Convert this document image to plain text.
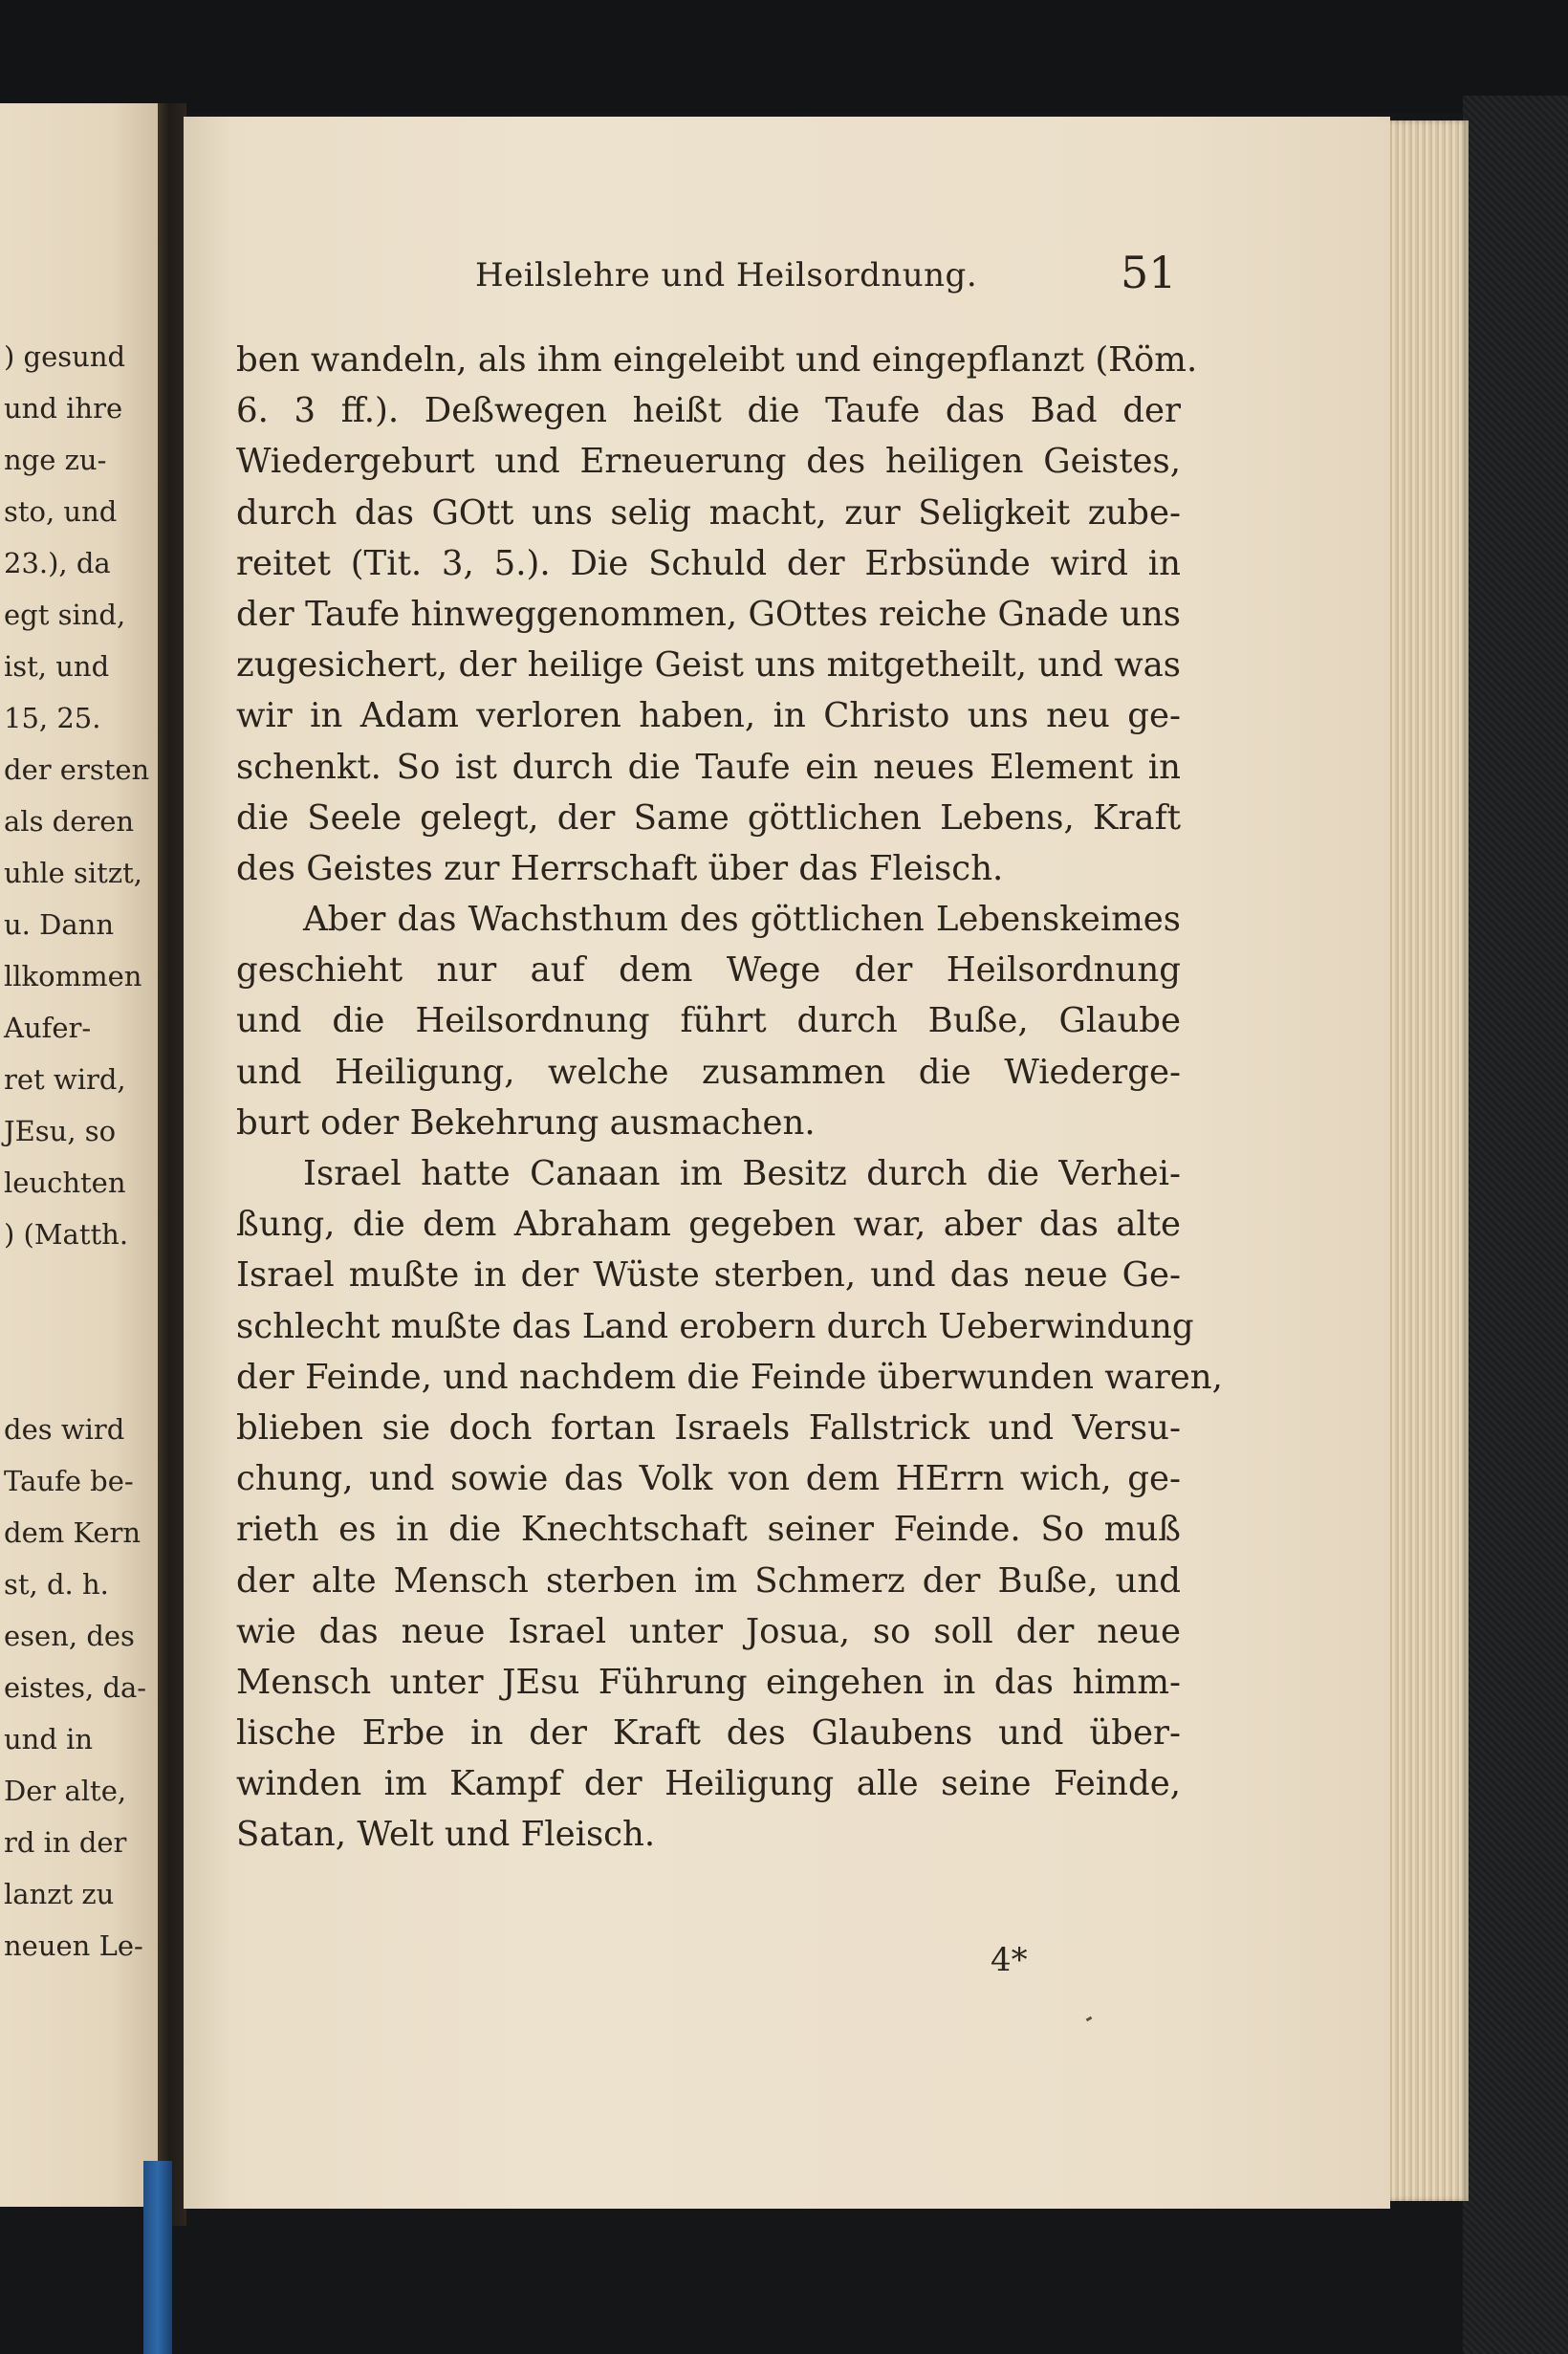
) gesund
und ihre
nge zu-
sto, und
23.), da
egt sind,
ist, und
15, 25.
der ersten
als deren
uhle sitzt,
u. Dann
llkommen
Aufer-
ret wird,
JEsu, so
leuchten
) (Matth.
des wird
Taufe be-
dem Kern
st, d. h.
esen, des
eistes, da-
und in
Der alte,
rd in der
lanzt zu
neuen Le-
Heilslehre und Heilsordnung.	51
ben wandeln, als ihm eingeleibt und eingepflanzt (Röm.
6. 3 ff.). Deßwegen heißt die Taufe das Bad der
Wiedergeburt und Erneuerung des heiligen Geistes,
durch das GOtt uns selig macht, zur Seligkeit zube-
reitet (Tit. 3, 5.). Die Schuld der Erbsünde wird in
der Taufe hinweggenommen, GOttes reiche Gnade uns
zugesichert, der heilige Geist uns mitgetheilt, und was
wir in Adam verloren haben, in Christo uns neu ge-
schenkt. So ist durch die Taufe ein neues Element in
die Seele gelegt, der Same göttlichen Lebens, Kraft
des Geistes zur Herrschaft über das Fleisch.
Aber das Wachsthum des göttlichen Lebenskeimes
geschieht nur auf dem Wege der Heilsordnung
und die Heilsordnung führt durch Buße, Glaube
und Heiligung, welche zusammen die Wiederge-
burt oder Bekehrung ausmachen.
Israel hatte Canaan im Besitz durch die Verhei-
ßung, die dem Abraham gegeben war, aber das alte
Israel mußte in der Wüste sterben, und das neue Ge-
schlecht mußte das Land erobern durch Ueberwindung
der Feinde, und nachdem die Feinde überwunden waren,
blieben sie doch fortan Israels Fallstrick und Versu-
chung, und sowie das Volk von dem HErrn wich, ge-
rieth es in die Knechtschaft seiner Feinde. So muß
der alte Mensch sterben im Schmerz der Buße, und
wie das neue Israel unter Josua, so soll der neue
Mensch unter JEsu Führung eingehen in das himm-
lische Erbe in der Kraft des Glaubens und über-
winden im Kampf der Heiligung alle seine Feinde,
Satan, Welt und Fleisch.
4*
